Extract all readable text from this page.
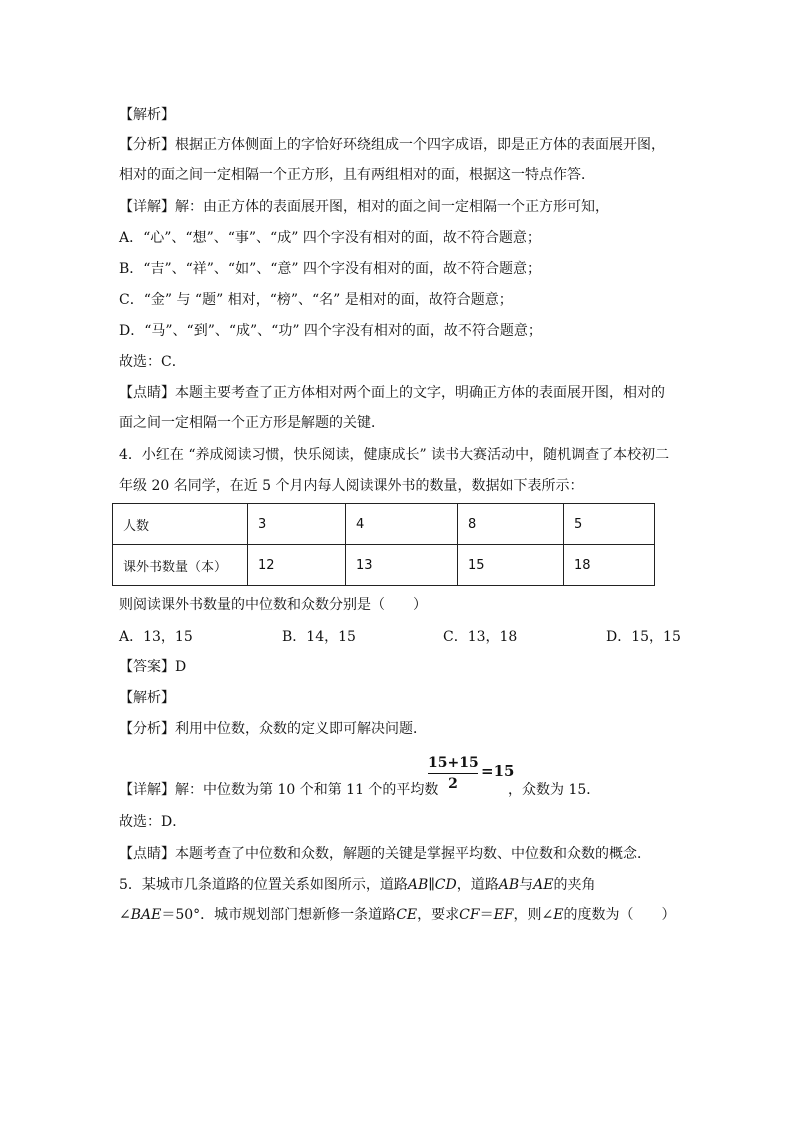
【解析】
【分析】根据正方体侧面上的字恰好环绕组成一个四字成语，即是正方体的表面展开图，
相对的面之间一定相隔一个正方形，且有两组相对的面，根据这一特点作答．
【详解】解：由正方体的表面展开图，相对的面之间一定相隔一个正方形可知，
A．“心”、“想”、“事”、“成” 四个字没有相对的面，故不符合题意；
B．“吉”、“祥”、“如”、“意” 四个字没有相对的面，故不符合题意；
C．“金” 与 “题” 相对，“榜”、“名” 是相对的面，故符合题意；
D．“马”、“到”、“成”、“功” 四个字没有相对的面，故不符合题意；
故选：C．
【点睛】本题主要考查了正方体相对两个面上的文字，明确正方体的表面展开图，相对的
面之间一定相隔一个正方形是解题的关键．
4．小红在 “养成阅读习惯，快乐阅读，健康成长” 读书大赛活动中，随机调查了本校初二
年级 20 名同学，在近 5 个月内每人阅读课外书的数量，数据如下表所示：
人数	3	4	8	5
课外书数量（本）	12	13	15	18
则阅读课外书数量的中位数和众数分别是（　　）
A．13，15	B．14，15	C．13，18	D．15，15
【答案】D
【解析】
【分析】利用中位数，众数的定义即可解决问题．
【详解】解：中位数为第 10 个和第 11 个的平均数
15+15
2
=15
，众数为 15．
故选：D．
【点睛】本题考查了中位数和众数，解题的关键是掌握平均数、中位数和众数的概念．
5．某城市几条道路的位置关系如图所示，道路AB∥CD，道路AB与AE的夹角
∠BAE＝50°．城市规划部门想新修一条道路CE，要求CF＝EF，则∠E的度数为（　　）
